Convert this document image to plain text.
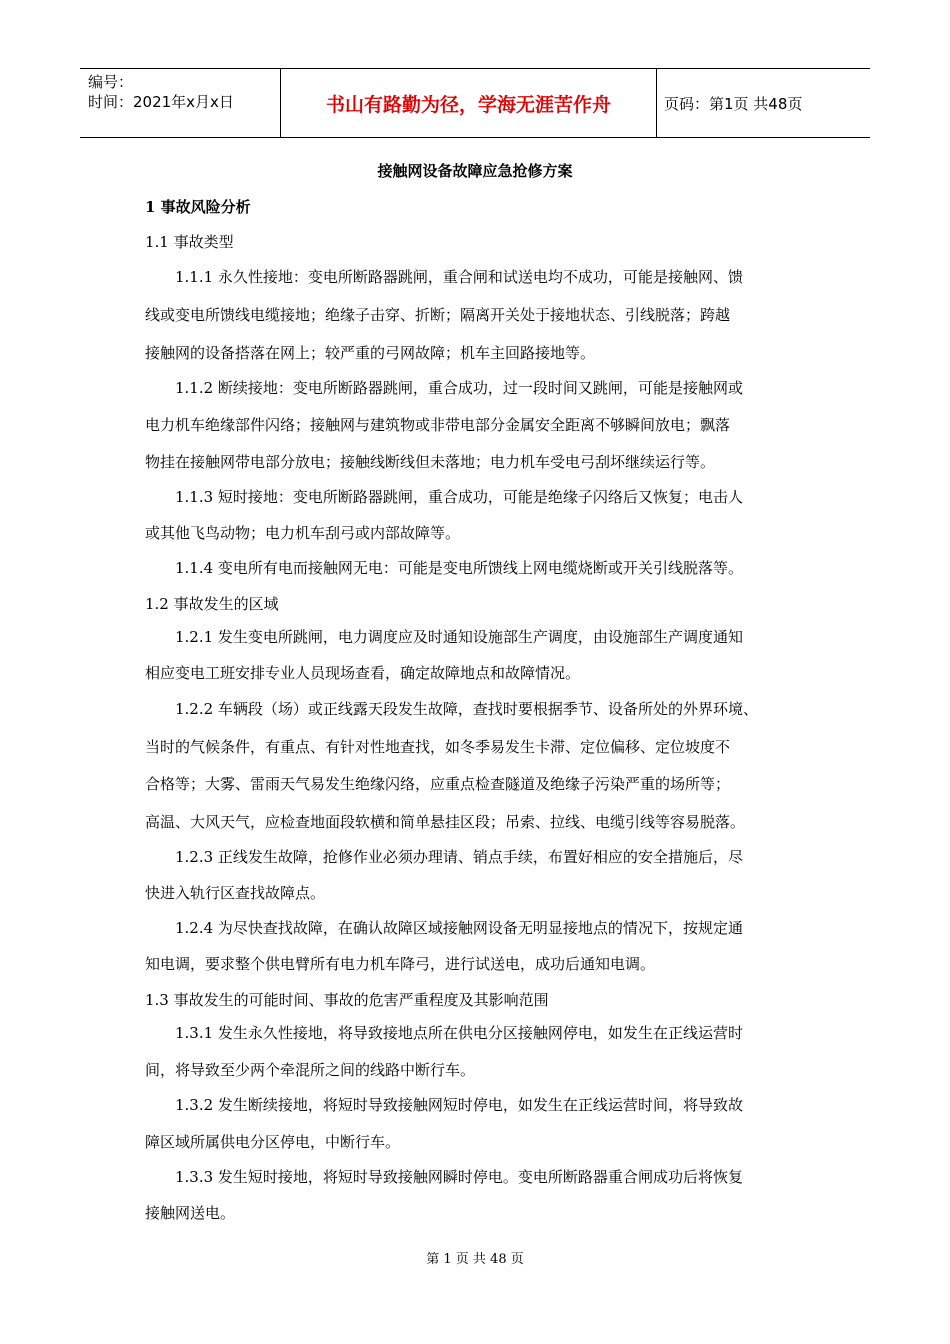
编号：
时间：2021年x月x日	书山有路勤为径，学海无涯苦作舟	页码：第1页 共48页
接触网设备故障应急抢修方案
1 事故风险分析
1.1 事故类型
1.1.1 永久性接地：变电所断路器跳闸，重合闸和试送电均不成功，可能是接触网、馈
线或变电所馈线电缆接地；绝缘子击穿、折断；隔离开关处于接地状态、引线脱落；跨越
接触网的设备搭落在网上；较严重的弓网故障；机车主回路接地等。
1.1.2 断续接地：变电所断路器跳闸，重合成功，过一段时间又跳闸，可能是接触网或
电力机车绝缘部件闪络；接触网与建筑物或非带电部分金属安全距离不够瞬间放电；飘落
物挂在接触网带电部分放电；接触线断线但未落地；电力机车受电弓刮坏继续运行等。
1.1.3 短时接地：变电所断路器跳闸，重合成功，可能是绝缘子闪络后又恢复；电击人
或其他飞鸟动物；电力机车刮弓或内部故障等。
1.1.4 变电所有电而接触网无电：可能是变电所馈线上网电缆烧断或开关引线脱落等。
1.2 事故发生的区域
1.2.1 发生变电所跳闸，电力调度应及时通知设施部生产调度，由设施部生产调度通知
相应变电工班安排专业人员现场查看，确定故障地点和故障情况。
1.2.2 车辆段（场）或正线露天段发生故障，查找时要根据季节、设备所处的外界环境、
当时的气候条件，有重点、有针对性地查找，如冬季易发生卡滞、定位偏移、定位坡度不
合格等；大雾、雷雨天气易发生绝缘闪络，应重点检查隧道及绝缘子污染严重的场所等；
高温、大风天气，应检查地面段软横和简单悬挂区段；吊索、拉线、电缆引线等容易脱落。
1.2.3 正线发生故障，抢修作业必须办理请、销点手续，布置好相应的安全措施后，尽
快进入轨行区查找故障点。
1.2.4 为尽快查找故障，在确认故障区域接触网设备无明显接地点的情况下，按规定通
知电调，要求整个供电臂所有电力机车降弓，进行试送电，成功后通知电调。
1.3 事故发生的可能时间、事故的危害严重程度及其影响范围
1.3.1 发生永久性接地，将导致接地点所在供电分区接触网停电，如发生在正线运营时
间，将导致至少两个牵混所之间的线路中断行车。
1.3.2 发生断续接地，将短时导致接触网短时停电，如发生在正线运营时间，将导致故
障区域所属供电分区停电，中断行车。
1.3.3 发生短时接地，将短时导致接触网瞬时停电。变电所断路器重合闸成功后将恢复
接触网送电。
第 1 页 共 48 页
